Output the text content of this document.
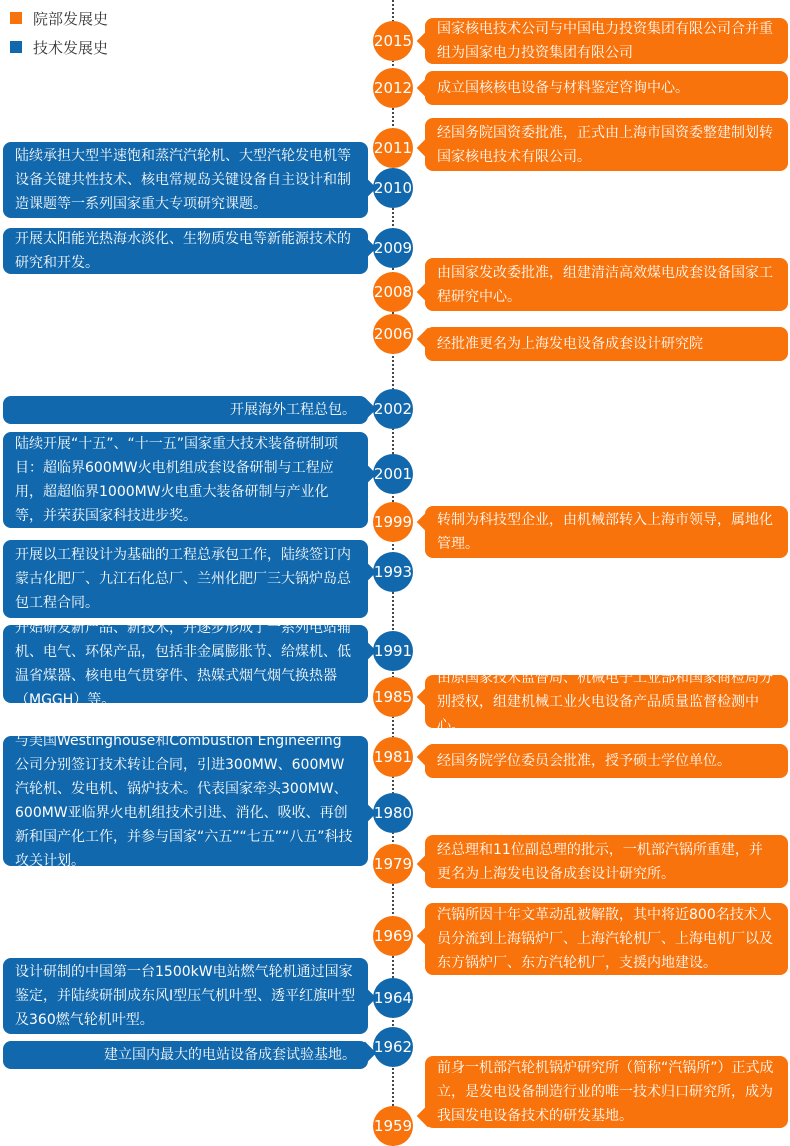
院部发展史
技术发展史
国家核电技术公司与中国电力投资集团有限公司合并重组为国家电力投资集团有限公司
2015
成立国核核电设备与材料鉴定咨询中心。
2012
经国务院国资委批准，正式由上海市国资委整建制划转国家核电技术有限公司。
2011
陆续承担大型半速饱和蒸汽汽轮机、大型汽轮发电机等设备关键共性技术、核电常规岛关键设备自主设计和制造课题等一系列国家重大专项研究课题。
2010
开展太阳能光热海水淡化、生物质发电等新能源技术的研究和开发。
2009
由国家发改委批准，组建清洁高效煤电成套设备国家工程研究中心。
2008
经批准更名为上海发电设备成套设计研究院
2006
开展海外工程总包。 2002
陆续开展“十五”、“十一五”国家重大技术装备研制项目：超临界600MW火电机组成套设备研制与工程应用，超超临界1000MW火电重大装备研制与产业化等，并荣获国家科技进步奖。
2001
转制为科技型企业，由机械部转入上海市领导，属地化管理。
1999
开展以工程设计为基础的工程总承包工作，陆续签订内蒙古化肥厂、九江石化总厂、兰州化肥厂三大锅炉岛总包工程合同。
1993
开始研发新产品、新技术，并逐步形成了一系列电站辅机、电气、环保产品，包括非金属膨胀节、给煤机、低温省煤器、核电电气贯穿件、热媒式烟气烟气换热器（MGGH）等。
1991
由原国家技术监督局、机械电子工业部和国家商检局分别授权，组建机械工业火电设备产品质量监督检测中心。
1985
经国务院学位委员会批准，授予硕士学位单位。
1981
与美国Westinghouse和Combustion Engineering 公司分别签订技术转让合同，引进300MW、600MW汽轮机、发电机、锅炉技术。代表国家牵头300MW、600MW亚临界火电机组技术引进、消化、吸收、再创新和国产化工作，并参与国家“六五”“七五”“八五”科技攻关计划。
1980
经总理和11位副总理的批示，一机部汽锅所重建，并更名为上海发电设备成套设计研究所。
1979
汽锅所因十年文革动乱被解散，其中将近800名技术人员分流到上海锅炉厂、上海汽轮机厂、上海电机厂以及东方锅炉厂、东方汽轮机厂，支援内地建设。
1969
设计研制的中国第一台1500kW电站燃气轮机通过国家鉴定，并陆续研制成东风I型压气机叶型、透平红旗叶型及360燃气轮机叶型。
1964
建立国内最大的电站设备成套试验基地。 1962
前身一机部汽轮机锅炉研究所（简称“汽锅所”）正式成立，是发电设备制造行业的唯一技术归口研究所，成为我国发电设备技术的研发基地。
1959
